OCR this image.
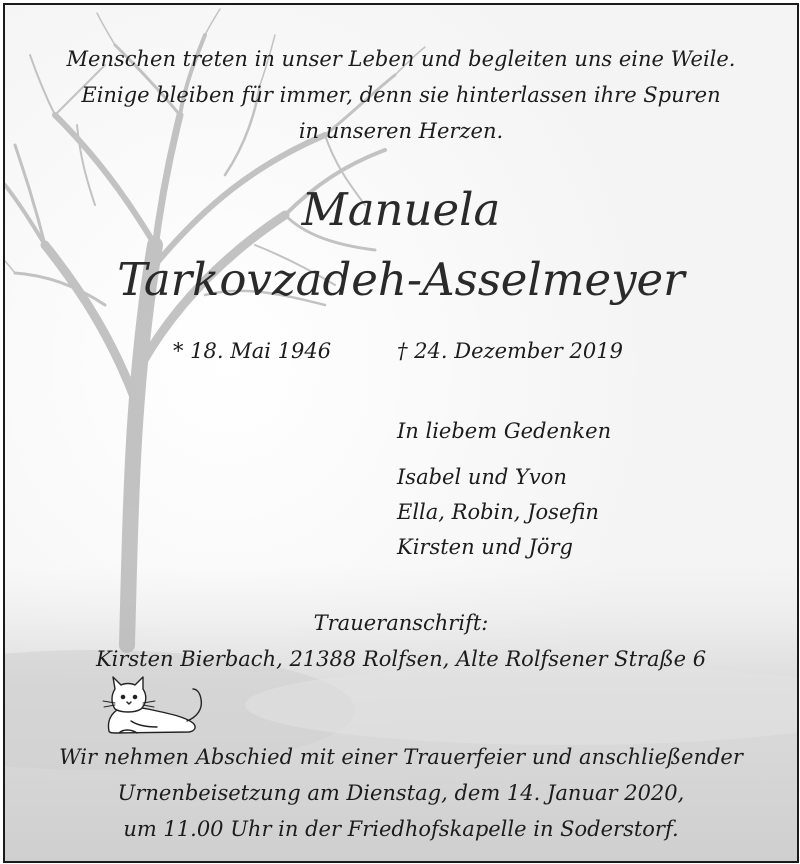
Menschen treten in unser Leben und begleiten uns eine Weile.
Einige bleiben für immer, denn sie hinterlassen ihre Spuren
in unseren Herzen.
Manuela
Tarkovzadeh-Asselmeyer
* 18. Mai 1946	† 24. Dezember 2019
In liebem Gedenken
Isabel und Yvon
Ella, Robin, Josefin
Kirsten und Jörg
Traueranschrift:
Kirsten Bierbach, 21388 Rolfsen, Alte Rolfsener Straße 6
Wir nehmen Abschied mit einer Trauerfeier und anschließender
Urnenbeisetzung am Dienstag, dem 14. Januar 2020,
um 11.00 Uhr in der Friedhofskapelle in Soderstorf.
